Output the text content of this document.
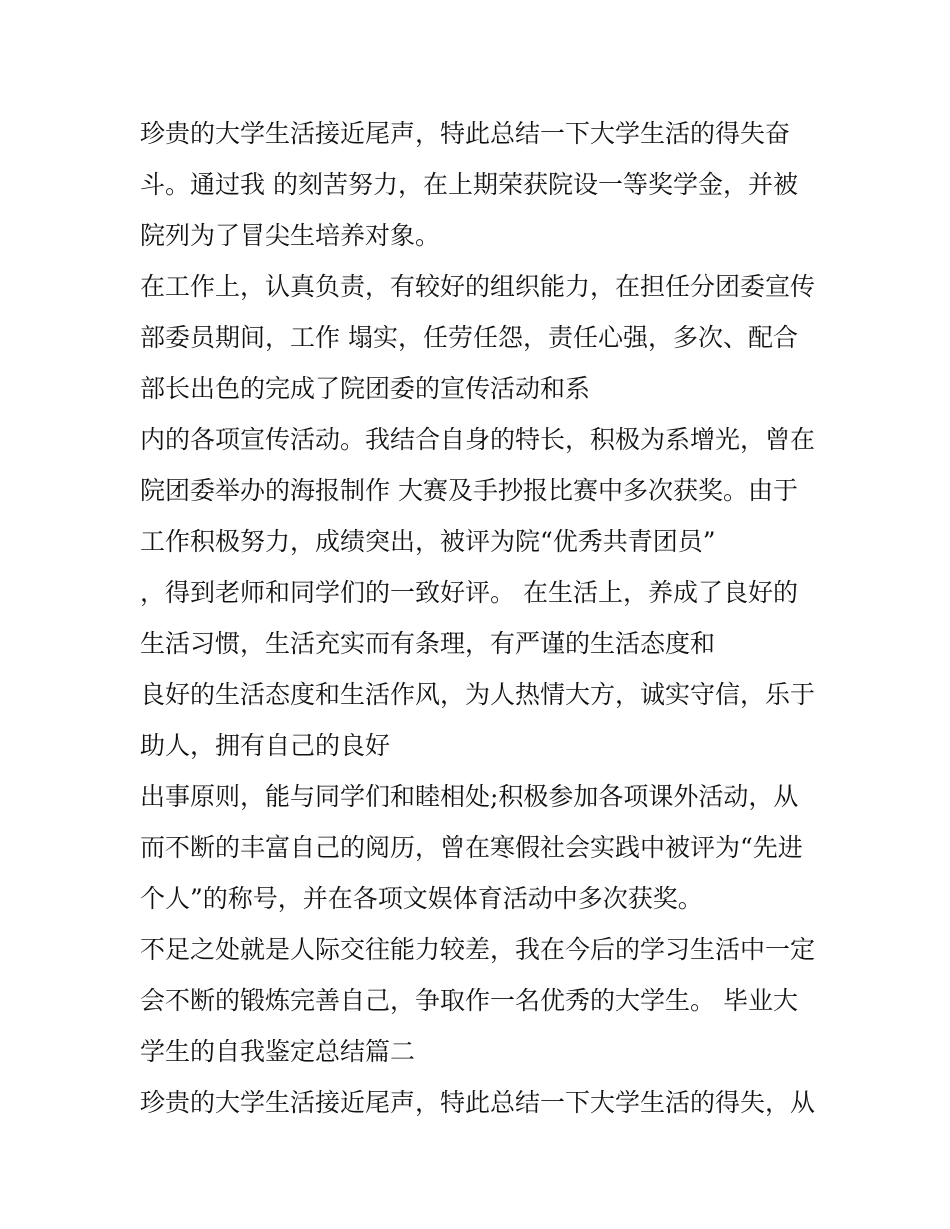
珍贵的大学生活接近尾声，特此总结一下大学生活的得失奋
斗。通过我 的刻苦努力，在上期荣获院设一等奖学金，并被
院列为了冒尖生培养对象。
在工作上，认真负责，有较好的组织能力，在担任分团委宣传
部委员期间，工作 塌实，任劳任怨，责任心强，多次、配合
部长出色的完成了院团委的宣传活动和系
内的各项宣传活动。我结合自身的特长，积极为系增光，曾在
院团委举办的海报制作 大赛及手抄报比赛中多次获奖。由于
工作积极努力，成绩突出，被评为院“优秀共青团员”
，得到老师和同学们的一致好评。 在生活上，养成了良好的
生活习惯，生活充实而有条理，有严谨的生活态度和
良好的生活态度和生活作风，为人热情大方，诚实守信，乐于
助人，拥有自己的良好
出事原则，能与同学们和睦相处;积极参加各项课外活动，从
而不断的丰富自己的阅历，曾在寒假社会实践中被评为“先进
个人”的称号，并在各项文娱体育活动中多次获奖。
不足之处就是人际交往能力较差，我在今后的学习生活中一定
会不断的锻炼完善自己，争取作一名优秀的大学生。 毕业大
学生的自我鉴定总结篇二
珍贵的大学生活接近尾声，特此总结一下大学生活的得失，从
